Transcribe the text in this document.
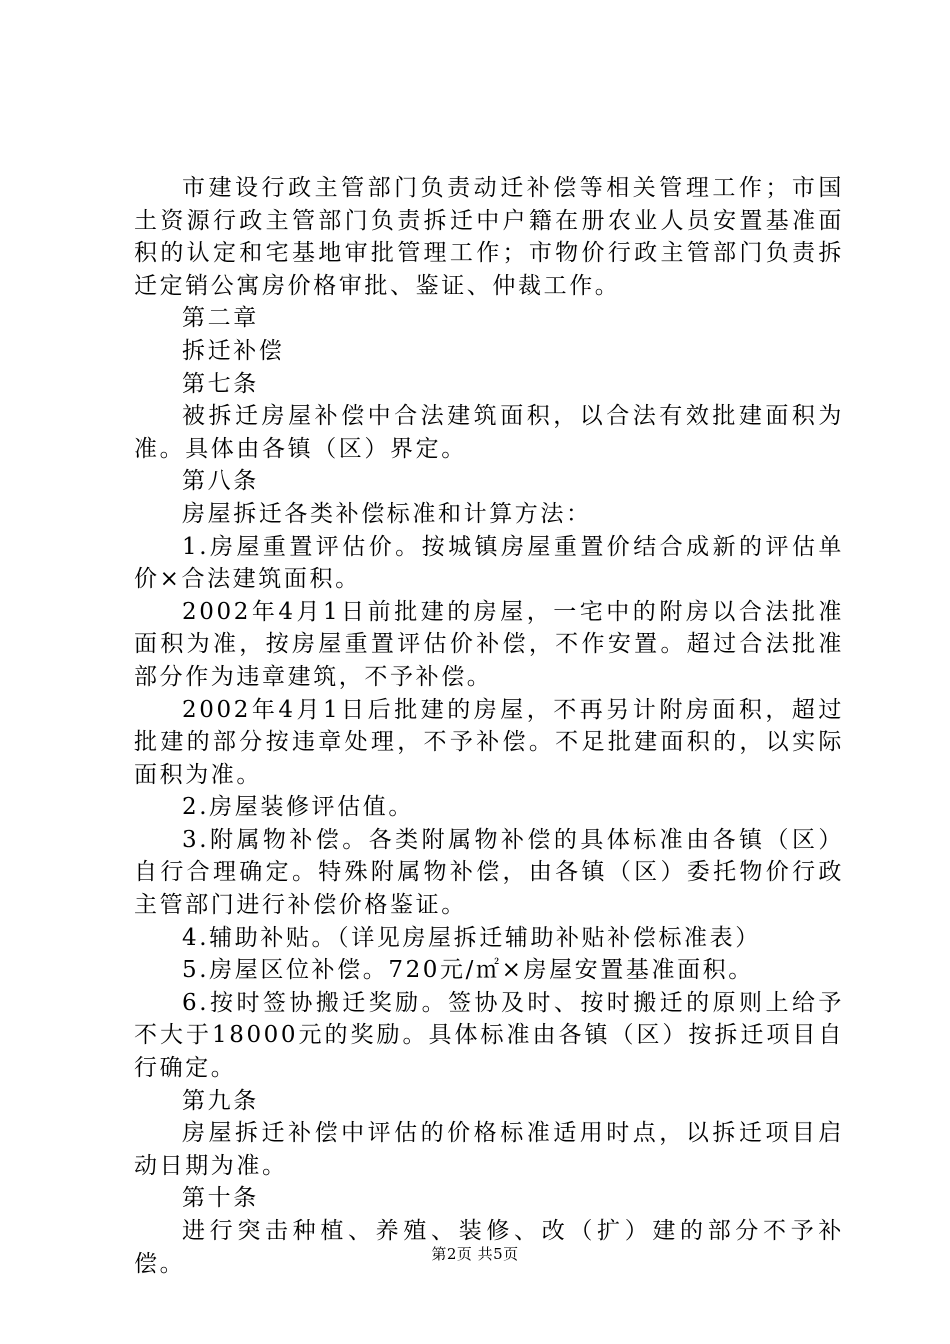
市建设行政主管部门负责动迁补偿等相关管理工作；市国土资源行政主管部门负责拆迁中户籍在册农业人员安置基准面积的认定和宅基地审批管理工作；市物价行政主管部门负责拆迁定销公寓房价格审批、鉴证、仲裁工作。

第二章

拆迁补偿

第七条

被拆迁房屋补偿中合法建筑面积，以合法有效批建面积为准。具体由各镇（区）界定。

第八条

房屋拆迁各类补偿标准和计算方法：

1.房屋重置评估价。按城镇房屋重置价结合成新的评估单价×合法建筑面积。

2002年4月1日前批建的房屋，一宅中的附房以合法批准面积为准，按房屋重置评估价补偿，不作安置。超过合法批准部分作为违章建筑，不予补偿。

2002年4月1日后批建的房屋，不再另计附房面积，超过批建的部分按违章处理，不予补偿。不足批建面积的，以实际面积为准。

2.房屋装修评估值。

3.附属物补偿。各类附属物补偿的具体标准由各镇（区）自行合理确定。特殊附属物补偿，由各镇（区）委托物价行政主管部门进行补偿价格鉴证。

4.辅助补贴。（详见房屋拆迁辅助补贴补偿标准表）

5.房屋区位补偿。720元/㎡×房屋安置基准面积。

6.按时签协搬迁奖励。签协及时、按时搬迁的原则上给予不大于18000元的奖励。具体标准由各镇（区）按拆迁项目自行确定。

第九条

房屋拆迁补偿中评估的价格标准适用时点，以拆迁项目启动日期为准。

第十条

进行突击种植、养殖、装修、改（扩）建的部分不予补偿。	第2页 共5页
